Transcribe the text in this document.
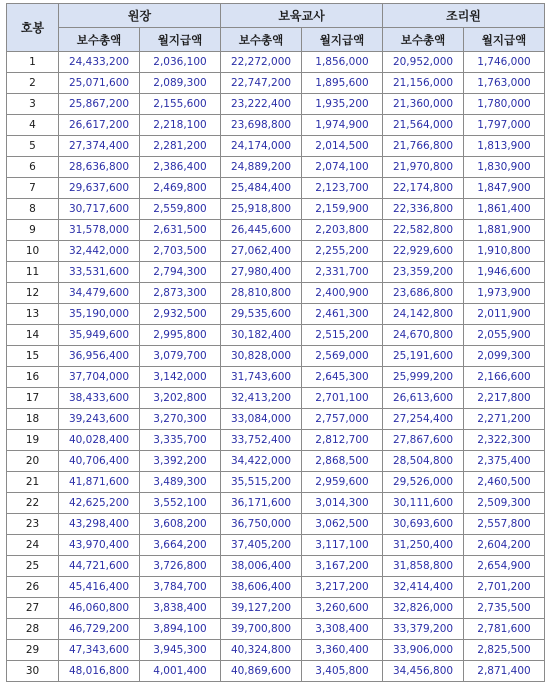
호봉	원장		보육교사		조리원	
	보수총액	월지급액	보수총액	월지급액	보수총액	월지급액
1	24,433,200	2,036,100	22,272,000	1,856,000	20,952,000	1,746,000
2	25,071,600	2,089,300	22,747,200	1,895,600	21,156,000	1,763,000
3	25,867,200	2,155,600	23,222,400	1,935,200	21,360,000	1,780,000
4	26,617,200	2,218,100	23,698,800	1,974,900	21,564,000	1,797,000
5	27,374,400	2,281,200	24,174,000	2,014,500	21,766,800	1,813,900
6	28,636,800	2,386,400	24,889,200	2,074,100	21,970,800	1,830,900
7	29,637,600	2,469,800	25,484,400	2,123,700	22,174,800	1,847,900
8	30,717,600	2,559,800	25,918,800	2,159,900	22,336,800	1,861,400
9	31,578,000	2,631,500	26,445,600	2,203,800	22,582,800	1,881,900
10	32,442,000	2,703,500	27,062,400	2,255,200	22,929,600	1,910,800
11	33,531,600	2,794,300	27,980,400	2,331,700	23,359,200	1,946,600
12	34,479,600	2,873,300	28,810,800	2,400,900	23,686,800	1,973,900
13	35,190,000	2,932,500	29,535,600	2,461,300	24,142,800	2,011,900
14	35,949,600	2,995,800	30,182,400	2,515,200	24,670,800	2,055,900
15	36,956,400	3,079,700	30,828,000	2,569,000	25,191,600	2,099,300
16	37,704,000	3,142,000	31,743,600	2,645,300	25,999,200	2,166,600
17	38,433,600	3,202,800	32,413,200	2,701,100	26,613,600	2,217,800
18	39,243,600	3,270,300	33,084,000	2,757,000	27,254,400	2,271,200
19	40,028,400	3,335,700	33,752,400	2,812,700	27,867,600	2,322,300
20	40,706,400	3,392,200	34,422,000	2,868,500	28,504,800	2,375,400
21	41,871,600	3,489,300	35,515,200	2,959,600	29,526,000	2,460,500
22	42,625,200	3,552,100	36,171,600	3,014,300	30,111,600	2,509,300
23	43,298,400	3,608,200	36,750,000	3,062,500	30,693,600	2,557,800
24	43,970,400	3,664,200	37,405,200	3,117,100	31,250,400	2,604,200
25	44,721,600	3,726,800	38,006,400	3,167,200	31,858,800	2,654,900
26	45,416,400	3,784,700	38,606,400	3,217,200	32,414,400	2,701,200
27	46,060,800	3,838,400	39,127,200	3,260,600	32,826,000	2,735,500
28	46,729,200	3,894,100	39,700,800	3,308,400	33,379,200	2,781,600
29	47,343,600	3,945,300	40,324,800	3,360,400	33,906,000	2,825,500
30	48,016,800	4,001,400	40,869,600	3,405,800	34,456,800	2,871,400
